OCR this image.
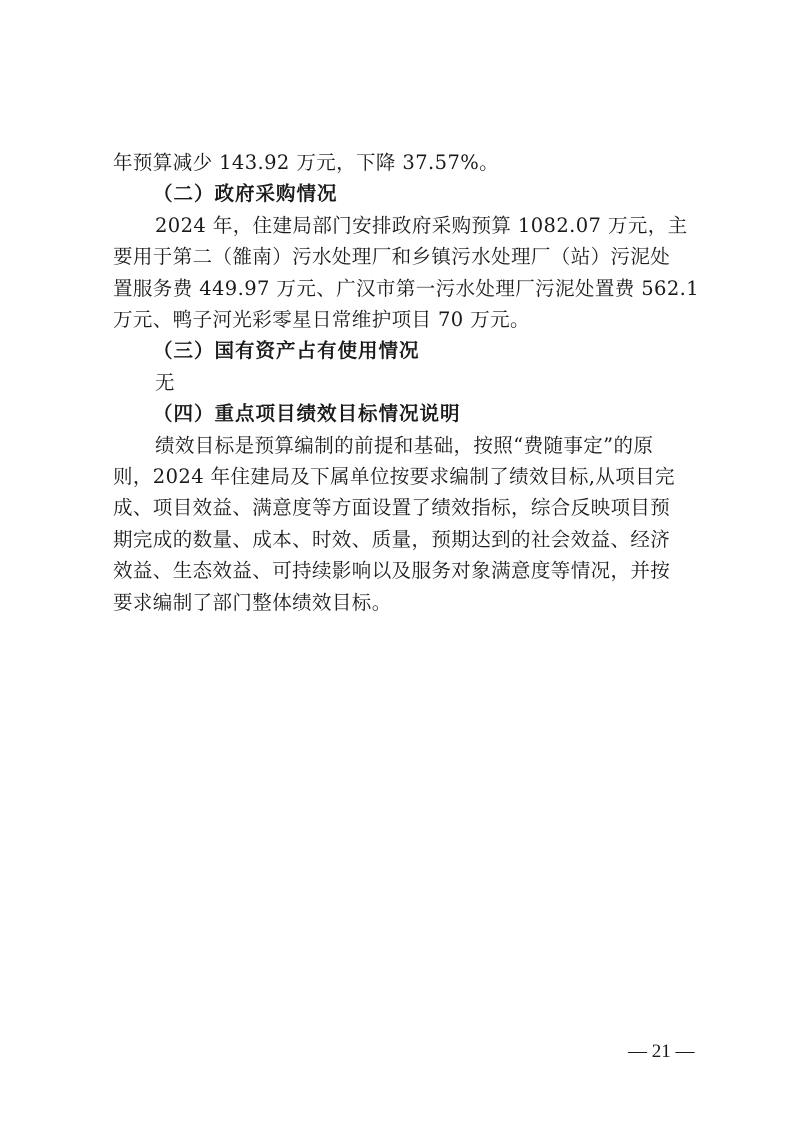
年预算减少 143.92 万元，下降 37.57%。
（二）政府采购情况
2024 年，住建局部门安排政府采购预算 1082.07 万元，主
要用于第二（雒南）污水处理厂和乡镇污水处理厂（站）污泥处
置服务费 449.97 万元、广汉市第一污水处理厂污泥处置费 562.1
万元、鸭子河光彩零星日常维护项目 70 万元。
（三）国有资产占有使用情况
无
（四）重点项目绩效目标情况说明
绩效目标是预算编制的前提和基础，按照“费随事定”的原
则，2024 年住建局及下属单位按要求编制了绩效目标,从项目完
成、项目效益、满意度等方面设置了绩效指标，综合反映项目预
期完成的数量、成本、时效、质量，预期达到的社会效益、经济
效益、生态效益、可持续影响以及服务对象满意度等情况，并按
要求编制了部门整体绩效目标。
— 21 —
